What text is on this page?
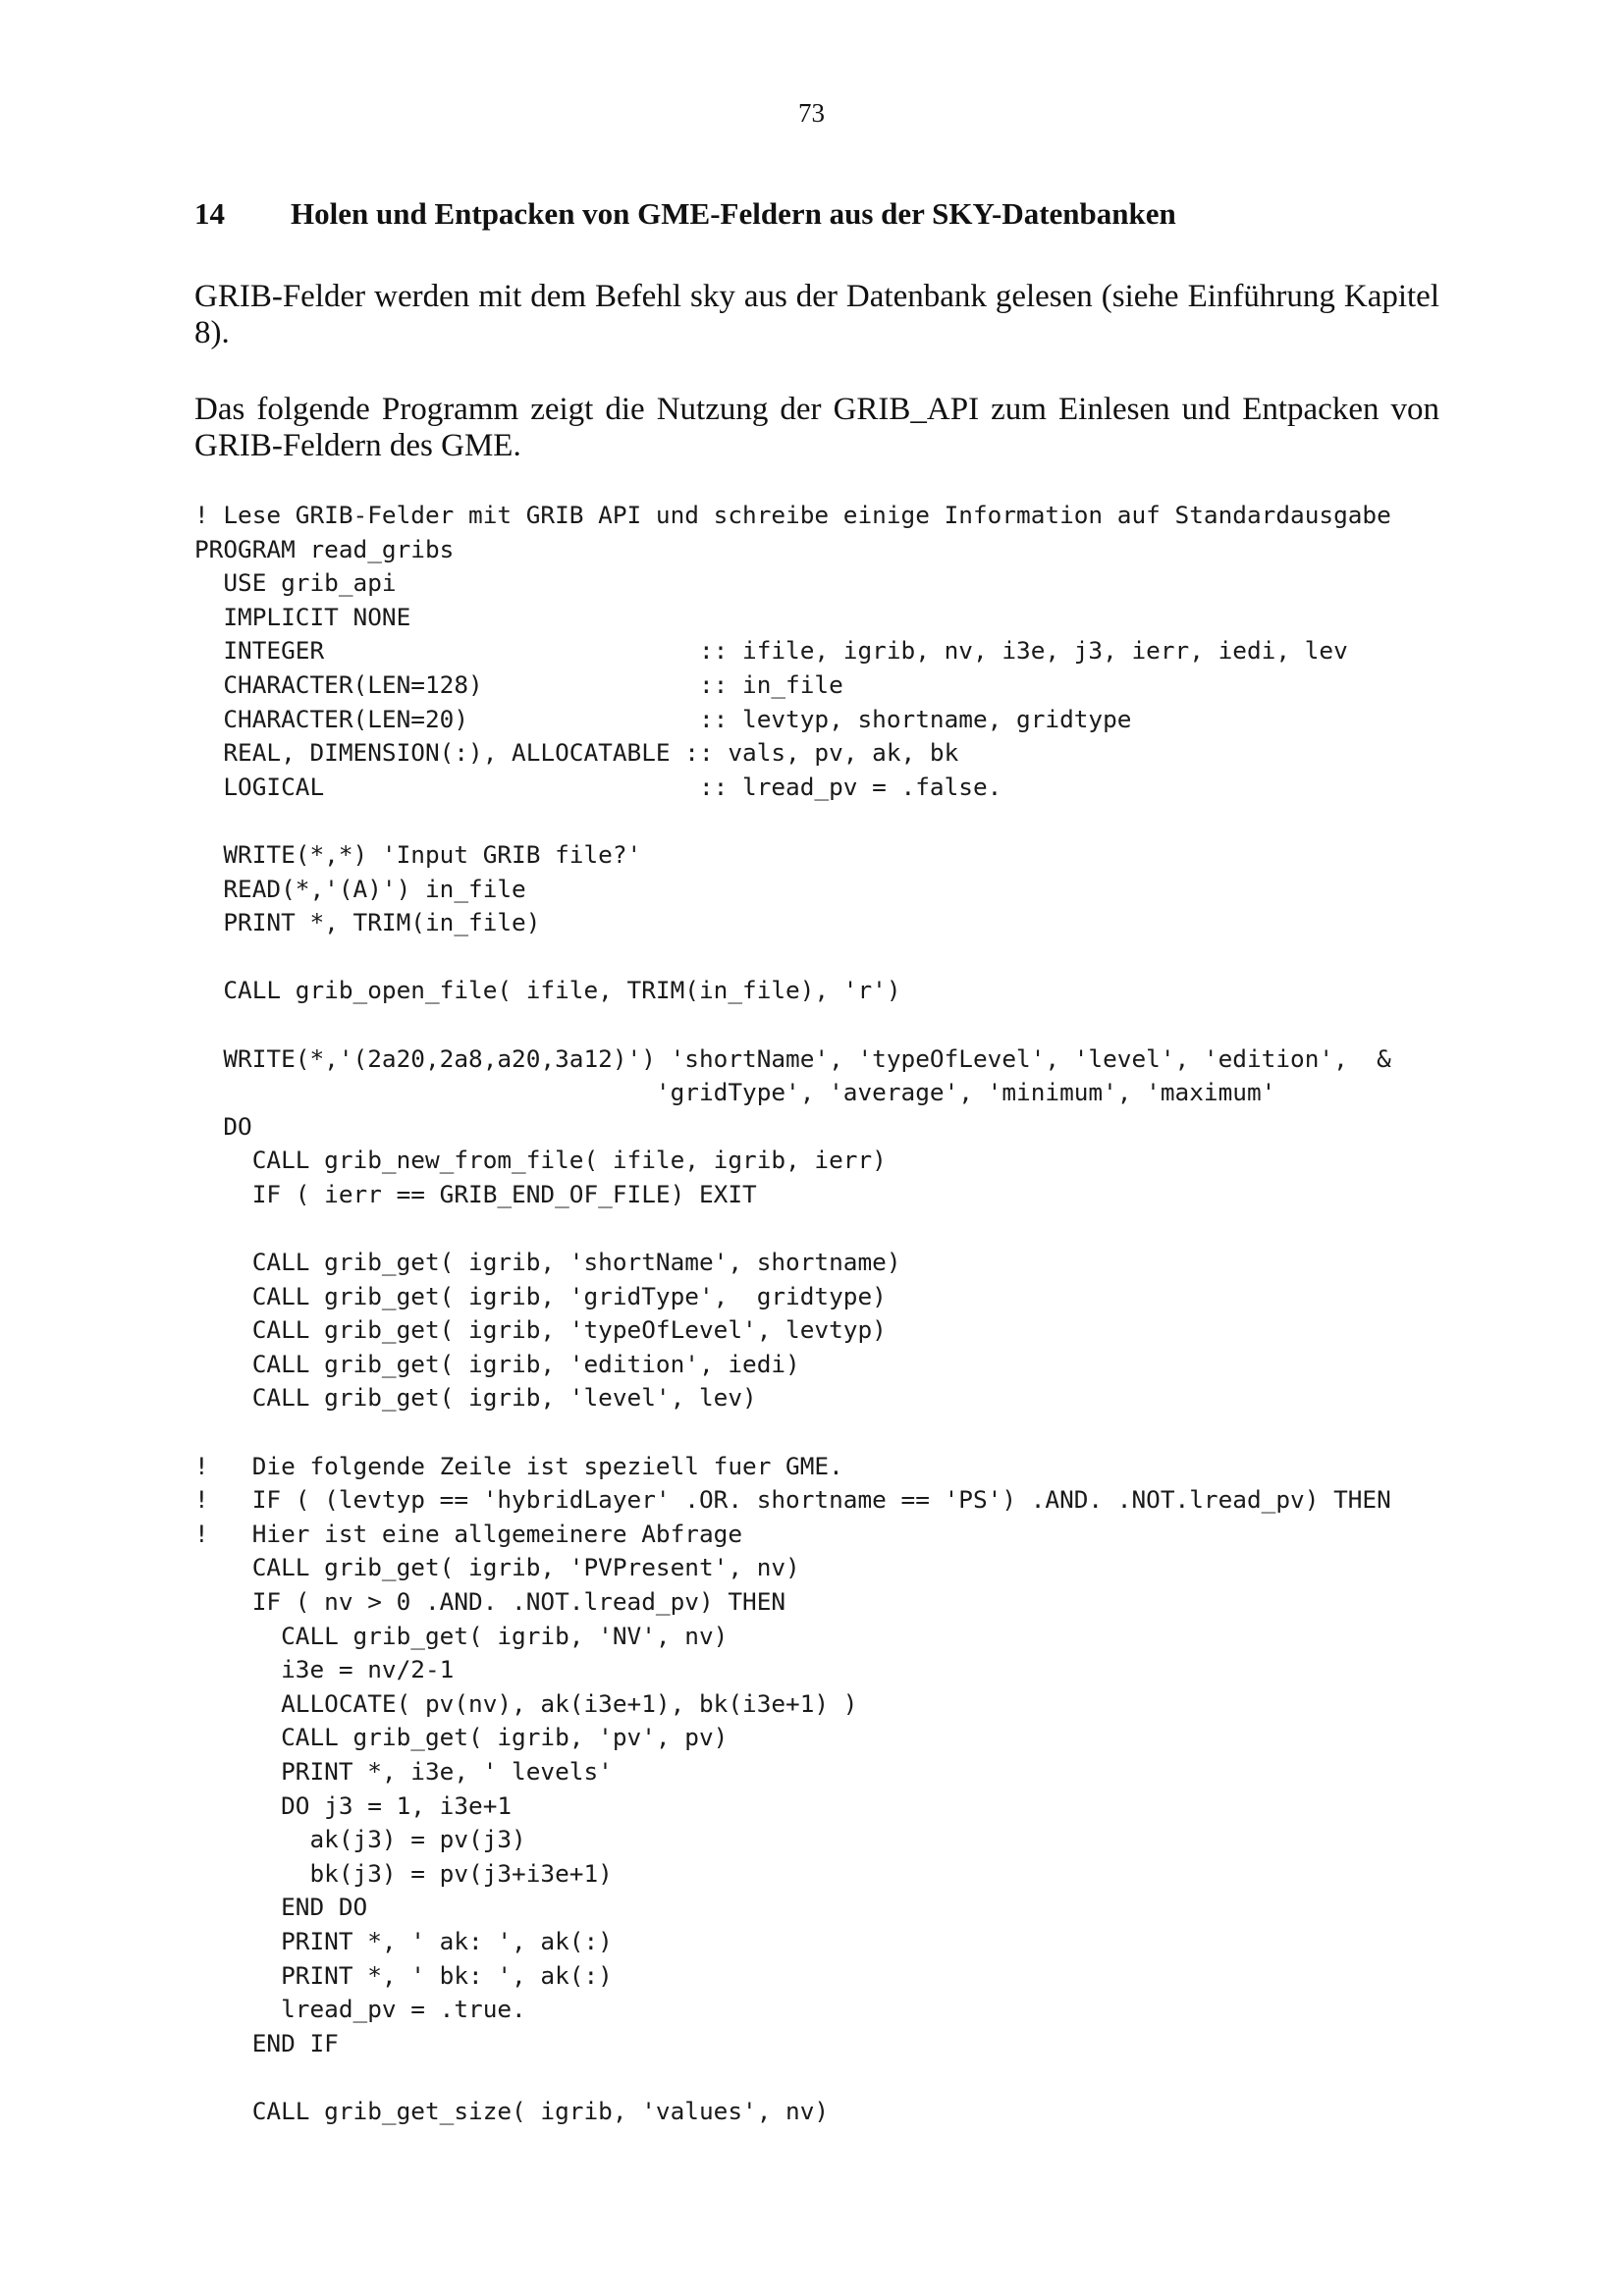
73
14 Holen und Entpacken von GME-Feldern aus der SKY-Datenbanken

GRIB-Felder werden mit dem Befehl sky aus der Datenbank gelesen (siehe Einführung Kapitel 8).

Das folgende Programm zeigt die Nutzung der GRIB_API zum Einlesen und Entpacken von GRIB-Feldern des GME.

! Lese GRIB-Felder mit GRIB API und schreibe einige Information auf Standardausgabe
PROGRAM read_gribs
USE grib_api
IMPLICIT NONE
INTEGER                          :: ifile, igrib, nv, i3e, j3, ierr, iedi, lev
CHARACTER(LEN=128)               :: in_file
CHARACTER(LEN=20)                :: levtyp, shortname, gridtype
REAL, DIMENSION(:), ALLOCATABLE :: vals, pv, ak, bk
LOGICAL                          :: lread_pv = .false.

WRITE(*,*) 'Input GRIB file?'
READ(*,'(A)') in_file
PRINT *, TRIM(in_file)

CALL grib_open_file( ifile, TRIM(in_file), 'r')

WRITE(*,'(2a20,2a8,a20,3a12)') 'shortName', 'typeOfLevel', 'level', 'edition',  &
'gridType', 'average', 'minimum', 'maximum'
DO
CALL grib_new_from_file( ifile, igrib, ierr)
IF ( ierr == GRIB_END_OF_FILE) EXIT

CALL grib_get( igrib, 'shortName', shortname)
CALL grib_get( igrib, 'gridType',  gridtype)
CALL grib_get( igrib, 'typeOfLevel', levtyp)
CALL grib_get( igrib, 'edition', iedi)
CALL grib_get( igrib, 'level', lev)

!   Die folgende Zeile ist speziell fuer GME.
!   IF ( (levtyp == 'hybridLayer' .OR. shortname == 'PS') .AND. .NOT.lread_pv) THEN
!   Hier ist eine allgemeinere Abfrage
CALL grib_get( igrib, 'PVPresent', nv)
IF ( nv > 0 .AND. .NOT.lread_pv) THEN
CALL grib_get( igrib, 'NV', nv)
i3e = nv/2-1
ALLOCATE( pv(nv), ak(i3e+1), bk(i3e+1) )
CALL grib_get( igrib, 'pv', pv)
PRINT *, i3e, ' levels'
DO j3 = 1, i3e+1
ak(j3) = pv(j3)
bk(j3) = pv(j3+i3e+1)
END DO
PRINT *, ' ak: ', ak(:)
PRINT *, ' bk: ', ak(:)
lread_pv = .true.
END IF

CALL grib_get_size( igrib, 'values', nv)
